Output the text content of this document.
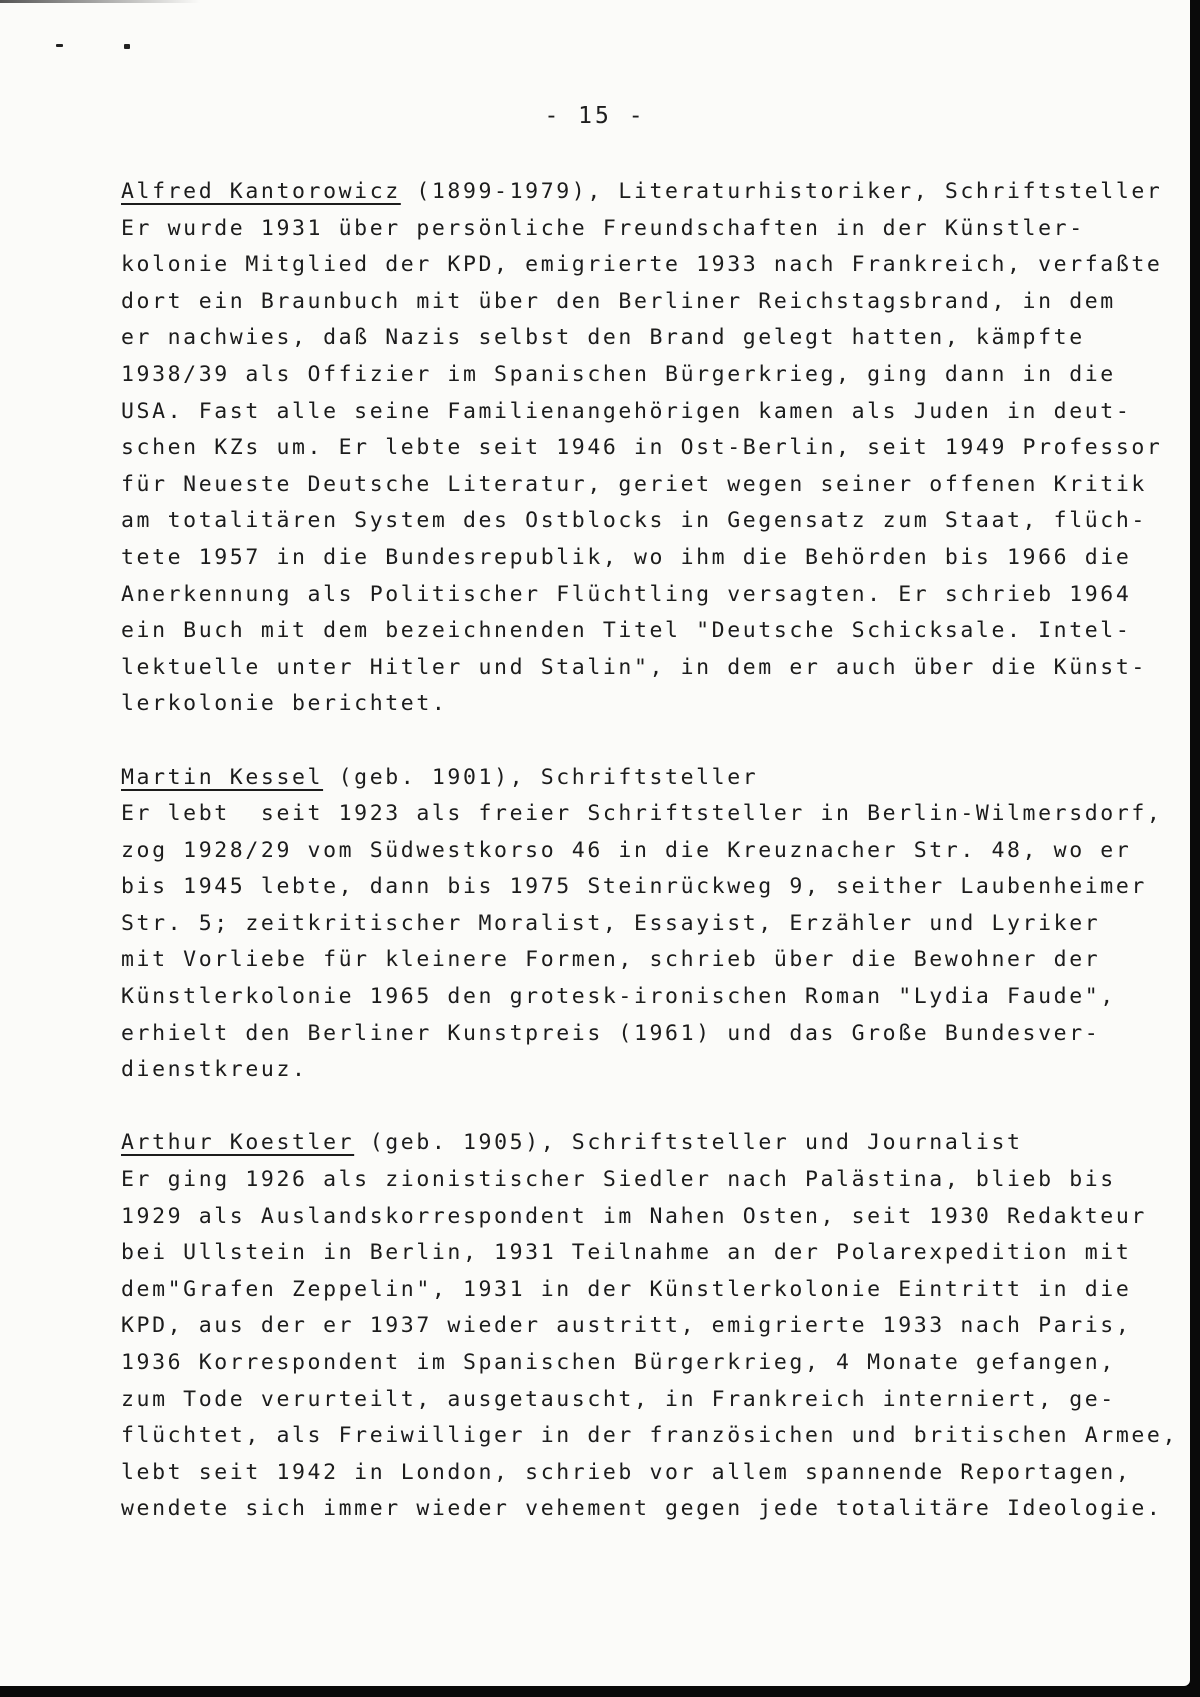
- 15 -
Alfred Kantorowicz (1899-1979), Literaturhistoriker, Schriftsteller
Er wurde 1931 über persönliche Freundschaften in der Künstler-
kolonie Mitglied der KPD, emigrierte 1933 nach Frankreich, verfaßte
dort ein Braunbuch mit über den Berliner Reichstagsbrand, in dem
er nachwies, daß Nazis selbst den Brand gelegt hatten, kämpfte
1938/39 als Offizier im Spanischen Bürgerkrieg, ging dann in die
USA. Fast alle seine Familienangehörigen kamen als Juden in deut-
schen KZs um. Er lebte seit 1946 in Ost-Berlin, seit 1949 Professor
für Neueste Deutsche Literatur, geriet wegen seiner offenen Kritik
am totalitären System des Ostblocks in Gegensatz zum Staat, flüch-
tete 1957 in die Bundesrepublik, wo ihm die Behörden bis 1966 die
Anerkennung als Politischer Flüchtling versagten. Er schrieb 1964
ein Buch mit dem bezeichnenden Titel "Deutsche Schicksale. Intel-
lektuelle unter Hitler und Stalin", in dem er auch über die Künst-
lerkolonie berichtet.
Martin Kessel (geb. 1901), Schriftsteller
Er lebt  seit 1923 als freier Schriftsteller in Berlin-Wilmersdorf,
zog 1928/29 vom Südwestkorso 46 in die Kreuznacher Str. 48, wo er
bis 1945 lebte, dann bis 1975 Steinrückweg 9, seither Laubenheimer
Str. 5; zeitkritischer Moralist, Essayist, Erzähler und Lyriker
mit Vorliebe für kleinere Formen, schrieb über die Bewohner der
Künstlerkolonie 1965 den grotesk-ironischen Roman "Lydia Faude",
erhielt den Berliner Kunstpreis (1961) und das Große Bundesver-
dienstkreuz.
Arthur Koestler (geb. 1905), Schriftsteller und Journalist
Er ging 1926 als zionistischer Siedler nach Palästina, blieb bis
1929 als Auslandskorrespondent im Nahen Osten, seit 1930 Redakteur
bei Ullstein in Berlin, 1931 Teilnahme an der Polarexpedition mit
dem"Grafen Zeppelin", 1931 in der Künstlerkolonie Eintritt in die
KPD, aus der er 1937 wieder austritt, emigrierte 1933 nach Paris,
1936 Korrespondent im Spanischen Bürgerkrieg, 4 Monate gefangen,
zum Tode verurteilt, ausgetauscht, in Frankreich interniert, ge-
flüchtet, als Freiwilliger in der französichen und britischen Armee,
lebt seit 1942 in London, schrieb vor allem spannende Reportagen,
wendete sich immer wieder vehement gegen jede totalitäre Ideologie.
